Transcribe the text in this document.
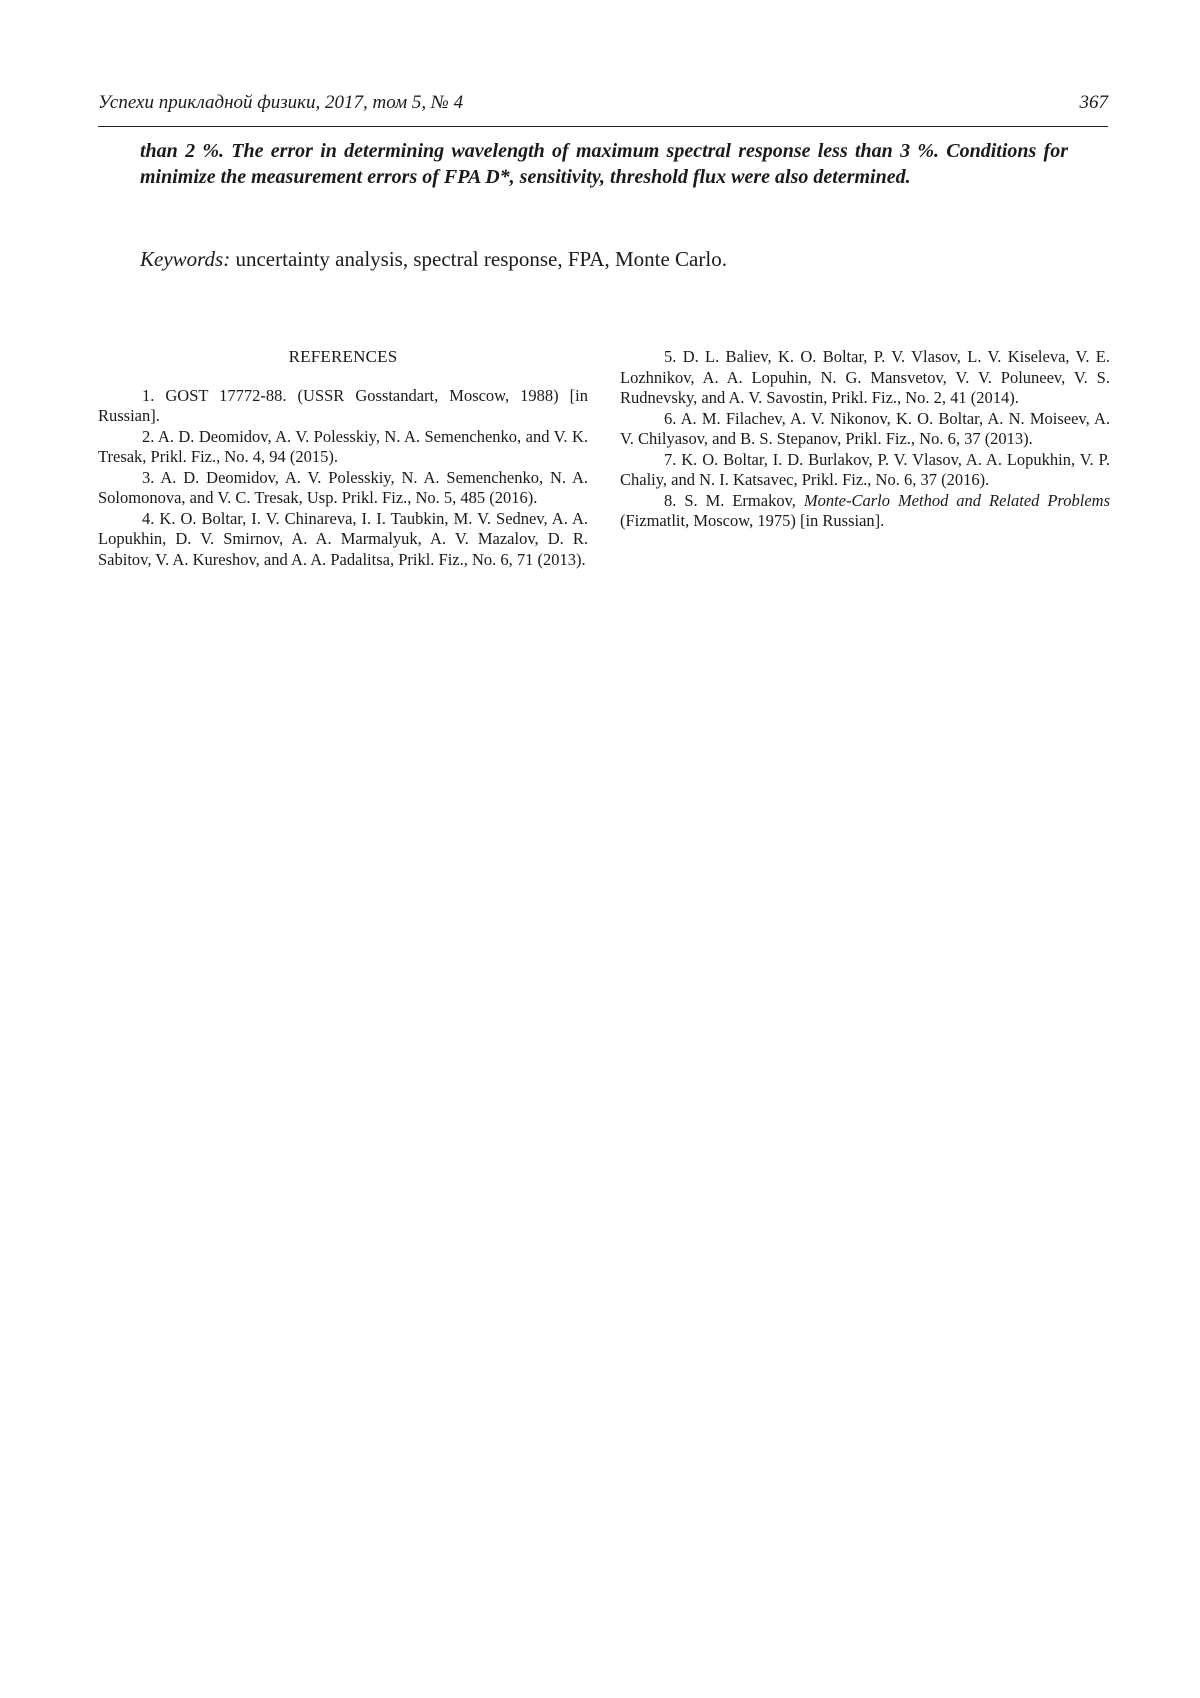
Успехи прикладной физики, 2017, том 5, № 4	367
than 2 %. The error in determining wavelength of maximum spectral response less than 3 %. Conditions for minimize the measurement errors of FPA D*, sensitivity, threshold flux were also determined.
Keywords: uncertainty analysis, spectral response, FPA, Monte Carlo.
REFERENCES

1. GOST 17772-88. (USSR Gosstandart, Moscow, 1988) [in Russian].

2. A. D. Deomidov, A. V. Polesskiy, N. A. Semenchenko, and V. K. Tresak, Prikl. Fiz., No. 4, 94 (2015).

3. A. D. Deomidov, A. V. Polesskiy, N. A. Semenchenko, N. A. Solomonova, and V. C. Tresak, Usp. Prikl. Fiz., No. 5, 485 (2016).

4. K. O. Boltar, I. V. Chinareva, I. I. Taubkin, M. V. Sednev, A. A. Lopukhin, D. V. Smirnov, A. A. Marmalyuk, A. V. Mazalov, D. R. Sabitov, V. A. Kureshov, and A. A. Padalitsa, Prikl. Fiz., No. 6, 71 (2013).

5. D. L. Baliev, K. O. Boltar, P. V. Vlasov, L. V. Kiseleva, V. E. Lozhnikov, A. A. Lopuhin, N. G. Mansvetov, V. V. Poluneev, V. S. Rudnevsky, and A. V. Savostin, Prikl. Fiz., No. 2, 41 (2014).

6. A. M. Filachev, A. V. Nikonov, K. O. Boltar, A. N. Moiseev, A. V. Chilyasov, and B. S. Stepanov, Prikl. Fiz., No. 6, 37 (2013).

7. K. O. Boltar, I. D. Burlakov, P. V. Vlasov, A. A. Lopukhin, V. P. Chaliy, and N. I. Katsavec, Prikl. Fiz., No. 6, 37 (2016).

8. S. M. Ermakov, Monte-Carlo Method and Related Problems (Fizmatlit, Moscow, 1975) [in Russian].
